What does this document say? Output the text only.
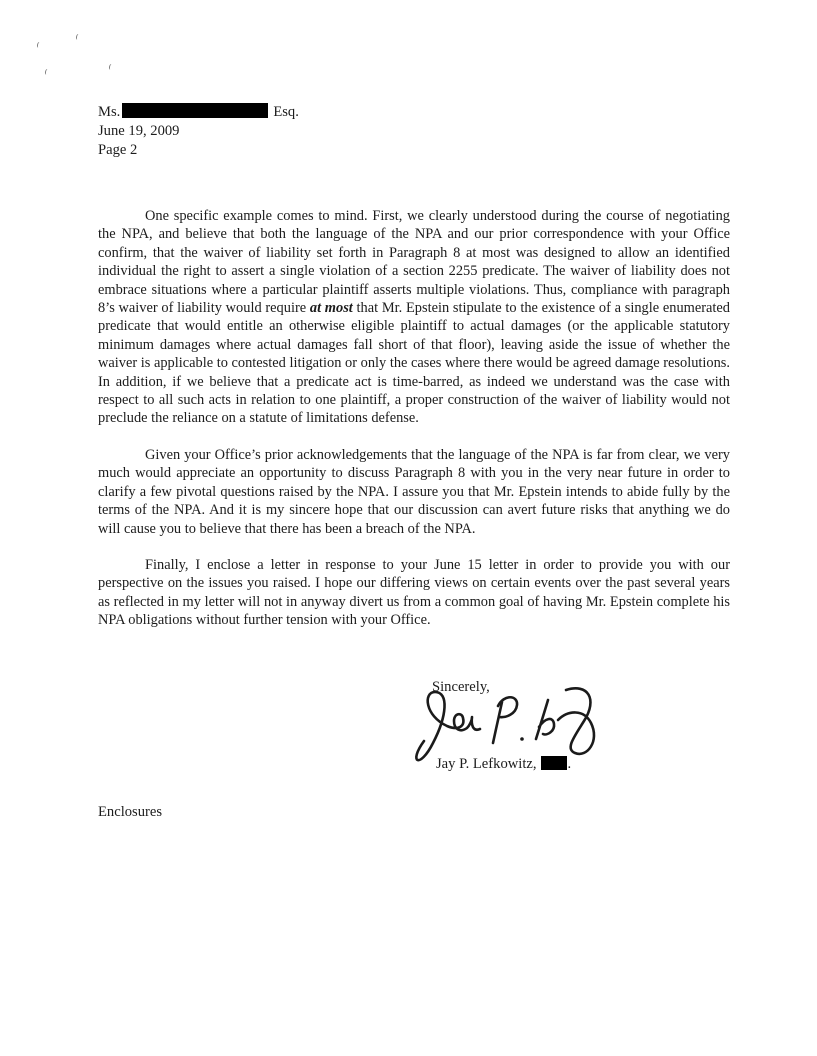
Ms.	Esq.
June 19, 2009
Page 2

One specific example comes to mind. First, we clearly understood during the course of negotiating the NPA, and believe that both the language of the NPA and our prior correspondence with your Office confirm, that the waiver of liability set forth in Paragraph 8 at most was designed to allow an identified individual the right to assert a single violation of a section 2255 predicate. The waiver of liability does not embrace situations where a particular plaintiff asserts multiple violations. Thus, compliance with paragraph 8’s waiver of liability would require at most that Mr. Epstein stipulate to the existence of a single enumerated predicate that would entitle an otherwise eligible plaintiff to actual damages (or the applicable statutory minimum damages where actual damages fall short of that floor), leaving aside the issue of whether the waiver is applicable to contested litigation or only the cases where there would be agreed damage resolutions. In addition, if we believe that a predicate act is time-barred, as indeed we understand was the case with respect to all such acts in relation to one plaintiff, a proper construction of the waiver of liability would not preclude the reliance on a statute of limitations defense.

Given your Office’s prior acknowledgements that the language of the NPA is far from clear, we very much would appreciate an opportunity to discuss Paragraph 8 with you in the very near future in order to clarify a few pivotal questions raised by the NPA. I assure you that Mr. Epstein intends to abide fully by the terms of the NPA. And it is my sincere hope that our discussion can avert future risks that anything we do will cause you to believe that there has been a breach of the NPA.

Finally, I enclose a letter in response to your June 15 letter in order to provide you with our perspective on the issues you raised. I hope our differing views on certain events over the past several years as reflected in my letter will not in anyway divert us from a common goal of having Mr. Epstein complete his NPA obligations without further tension with your Office.

Sincerely,
Jay P. Lefkowitz, .
Enclosures
